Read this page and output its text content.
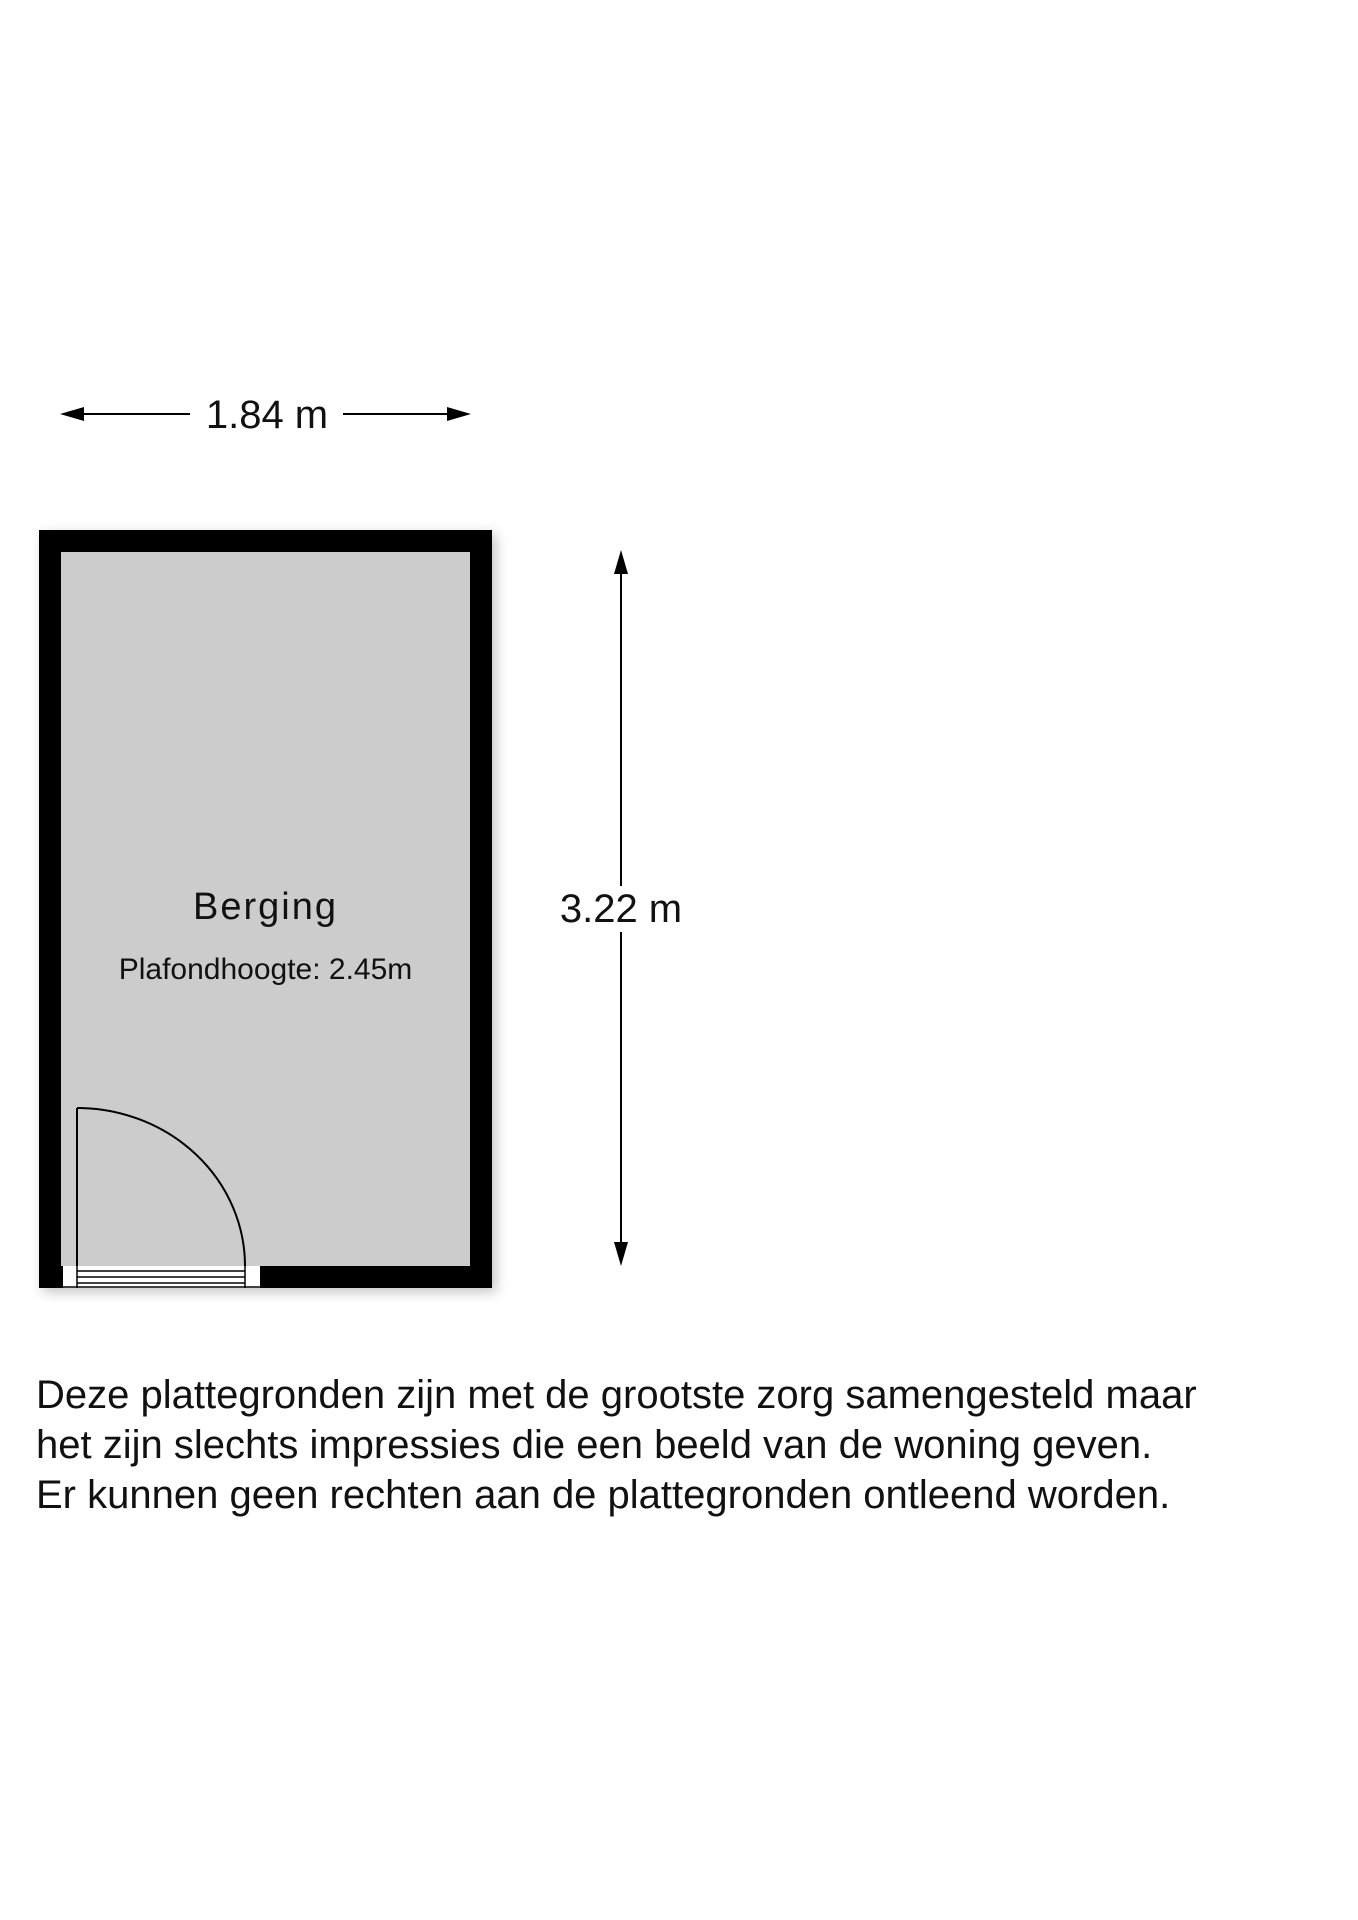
1.84 m
3.22 m
Berging
Plafondhoogte: 2.45m
Deze plattegronden zijn met de grootste zorg samengesteld maar
het zijn slechts impressies die een beeld van de woning geven.
Er kunnen geen rechten aan de plattegronden ontleend worden.
